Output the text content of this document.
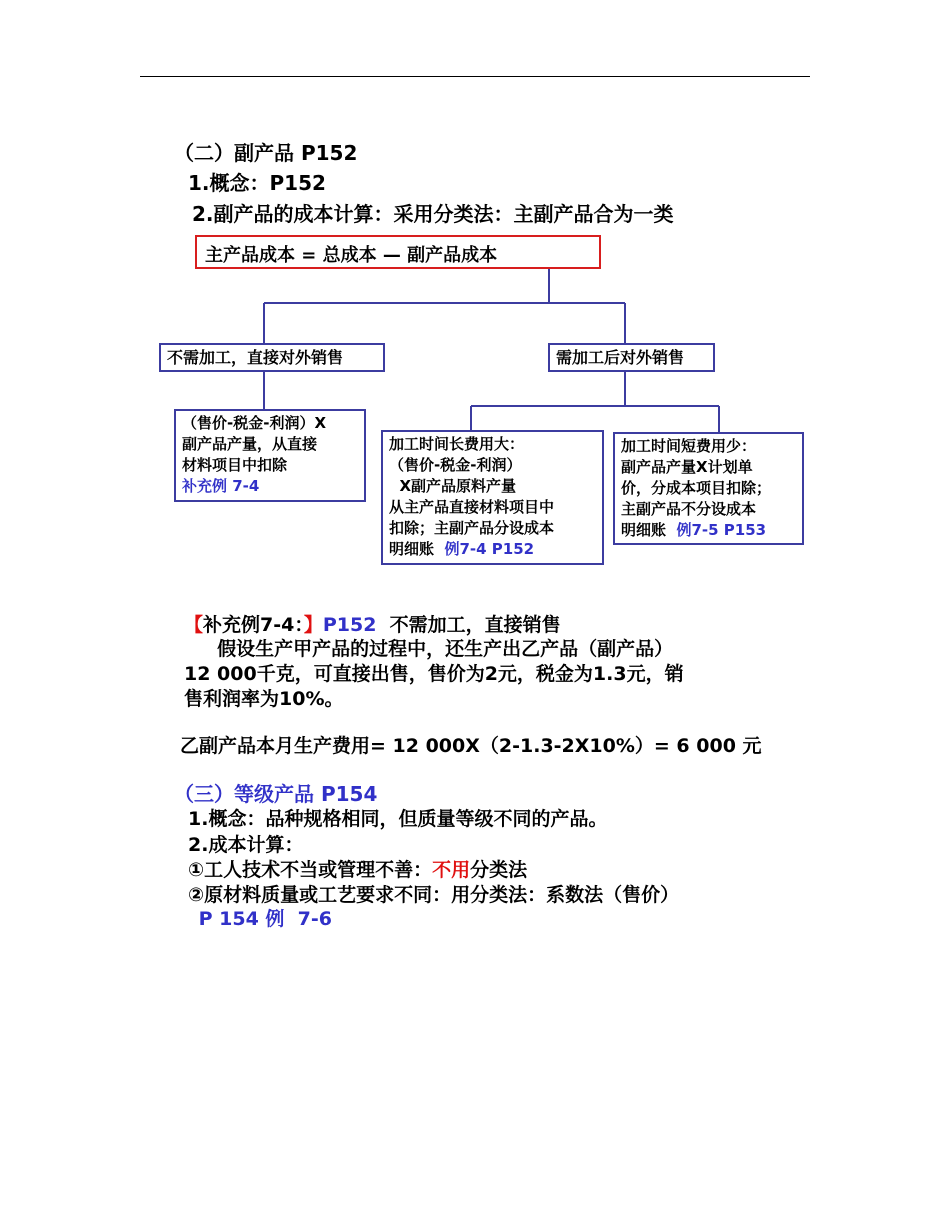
（二）副产品 P152
1.概念：P152
2.副产品的成本计算：采用分类法：主副产品合为一类
主产品成本 = 总成本 — 副产品成本
不需加工，直接对外销售	需加工后对外销售
（售价-税金-利润）X
副产品产量，从直接
材料项目中扣除
补充例 7-4
加工时间长费用大：
（售价-税金-利润）
X副产品原料产量
从主产品直接材料项目中
扣除；主副产品分设成本
明细账  例7-4 P152
加工时间短费用少：
副产品产量X计划单
价，分成本项目扣除；
主副产品不分设成本
明细账  例7-5 P153
【补充例7-4：】P152  不需加工，直接销售
假设生产甲产品的过程中，还生产出乙产品（副产品）
12 000千克，可直接出售，售价为2元，税金为1.3元，销
售利润率为10%。
乙副产品本月生产费用= 12 000X（2-1.3-2X10%）= 6 000 元
（三）等级产品 P154
1.概念：品种规格相同，但质量等级不同的产品。
2.成本计算：
①工人技术不当或管理不善：不用分类法
②原材料质量或工艺要求不同：用分类法：系数法（售价）
P 154 例  7-6
